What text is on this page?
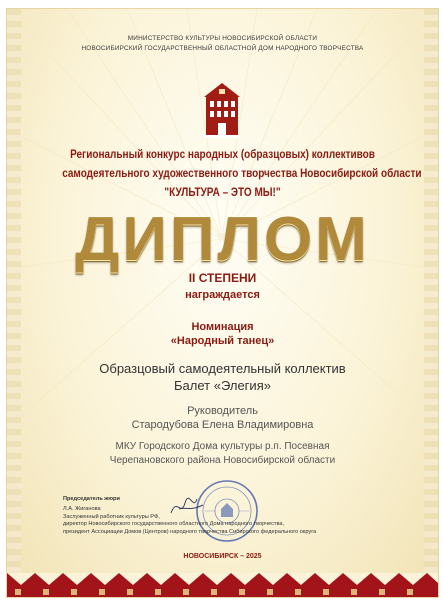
МИНИСТЕРСТВО КУЛЬТУРЫ НОВОСИБИРСКОЙ ОБЛАСТИ
НОВОСИБИРСКИЙ ГОСУДАРСТВЕННЫЙ ОБЛАСТНОЙ ДОМ НАРОДНОГО ТВОРЧЕСТВА
Региональный конкурс народных (образцовых) коллективов
самодеятельного художественного творчества Новосибирской области
"КУЛЬТУРА – ЭТО МЫ!"
ДИПЛОМ
II СТЕПЕНИ
награждается
Номинация
«Народный танец»
Образцовый самодеятельный коллектив
Балет «Элегия»
Руководитель
Стародубова Елена Владимировна
МКУ Городского Дома культуры р.п. Посевная
Черепановского района Новосибирской области
Председатель жюри
Л.А. Жиганова
Заслуженный работник культуры РФ,
директор Новосибирского государственного областного Дома народного творчества,
президент Ассоциации Домов (Центров) народного творчества Сибирского федерального округа
НОВОСИБИРСК – 2025
